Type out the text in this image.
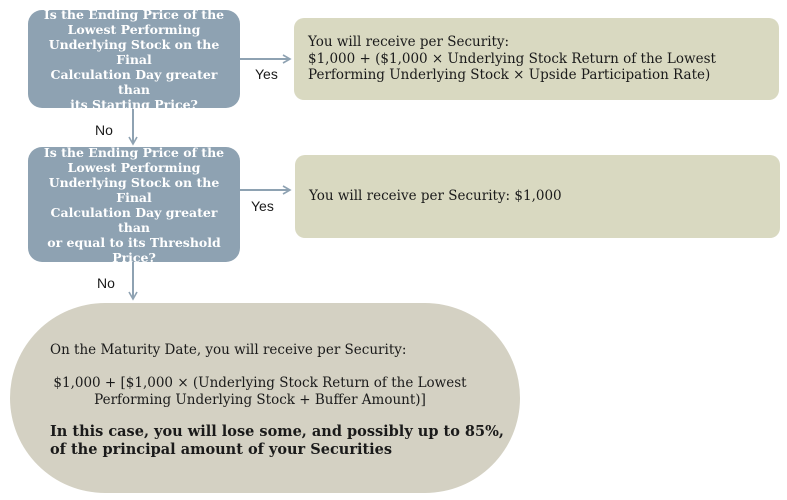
Is the Ending Price of the
Lowest Performing
Underlying Stock on the Final
Calculation Day greater than
its Starting Price?
You will receive per Security:
$1,000 + ($1,000 × Underlying Stock Return of the Lowest
Performing Underlying Stock × Upside Participation Rate)
Yes
No
Is the Ending Price of the
Lowest Performing
Underlying Stock on the Final
Calculation Day greater than
or equal to its Threshold
Price?
You will receive per Security: $1,000
Yes
No
On the Maturity Date, you will receive per Security:
$1,000 + [$1,000 × (Underlying Stock Return of the Lowest
Performing Underlying Stock + Buffer Amount)]
In this case, you will lose some, and possibly up to 85%,
of the principal amount of your Securities
